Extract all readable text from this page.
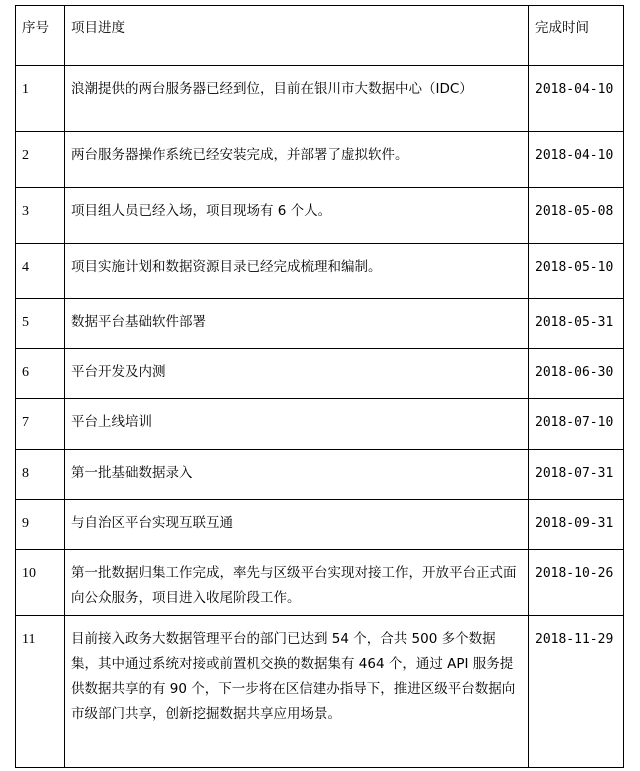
序号	项目进度	完成时间
1	浪潮提供的两台服务器已经到位，目前在银川市大数据中心（IDC）	2018-04-10
2	两台服务器操作系统已经安装完成，并部署了虚拟软件。	2018-04-10
3	项目组人员已经入场，项目现场有 6 个人。	2018-05-08
4	项目实施计划和数据资源目录已经完成梳理和编制。	2018-05-10
5	数据平台基础软件部署	2018-05-31
6	平台开发及内测	2018-06-30
7	平台上线培训	2018-07-10
8	第一批基础数据录入	2018-07-31
9	与自治区平台实现互联互通	2018-09-31
10	第一批数据归集工作完成，率先与区级平台实现对接工作，开放平台正式面向公众服务，项目进入收尾阶段工作。	2018-10-26
11	目前接入政务大数据管理平台的部门已达到 54 个，合共 500 多个数据集，其中通过系统对接或前置机交换的数据集有 464 个，通过 API 服务提供数据共享的有 90 个，下一步将在区信建办指导下，推进区级平台数据向市级部门共享，创新挖掘数据共享应用场景。	2018-11-29
